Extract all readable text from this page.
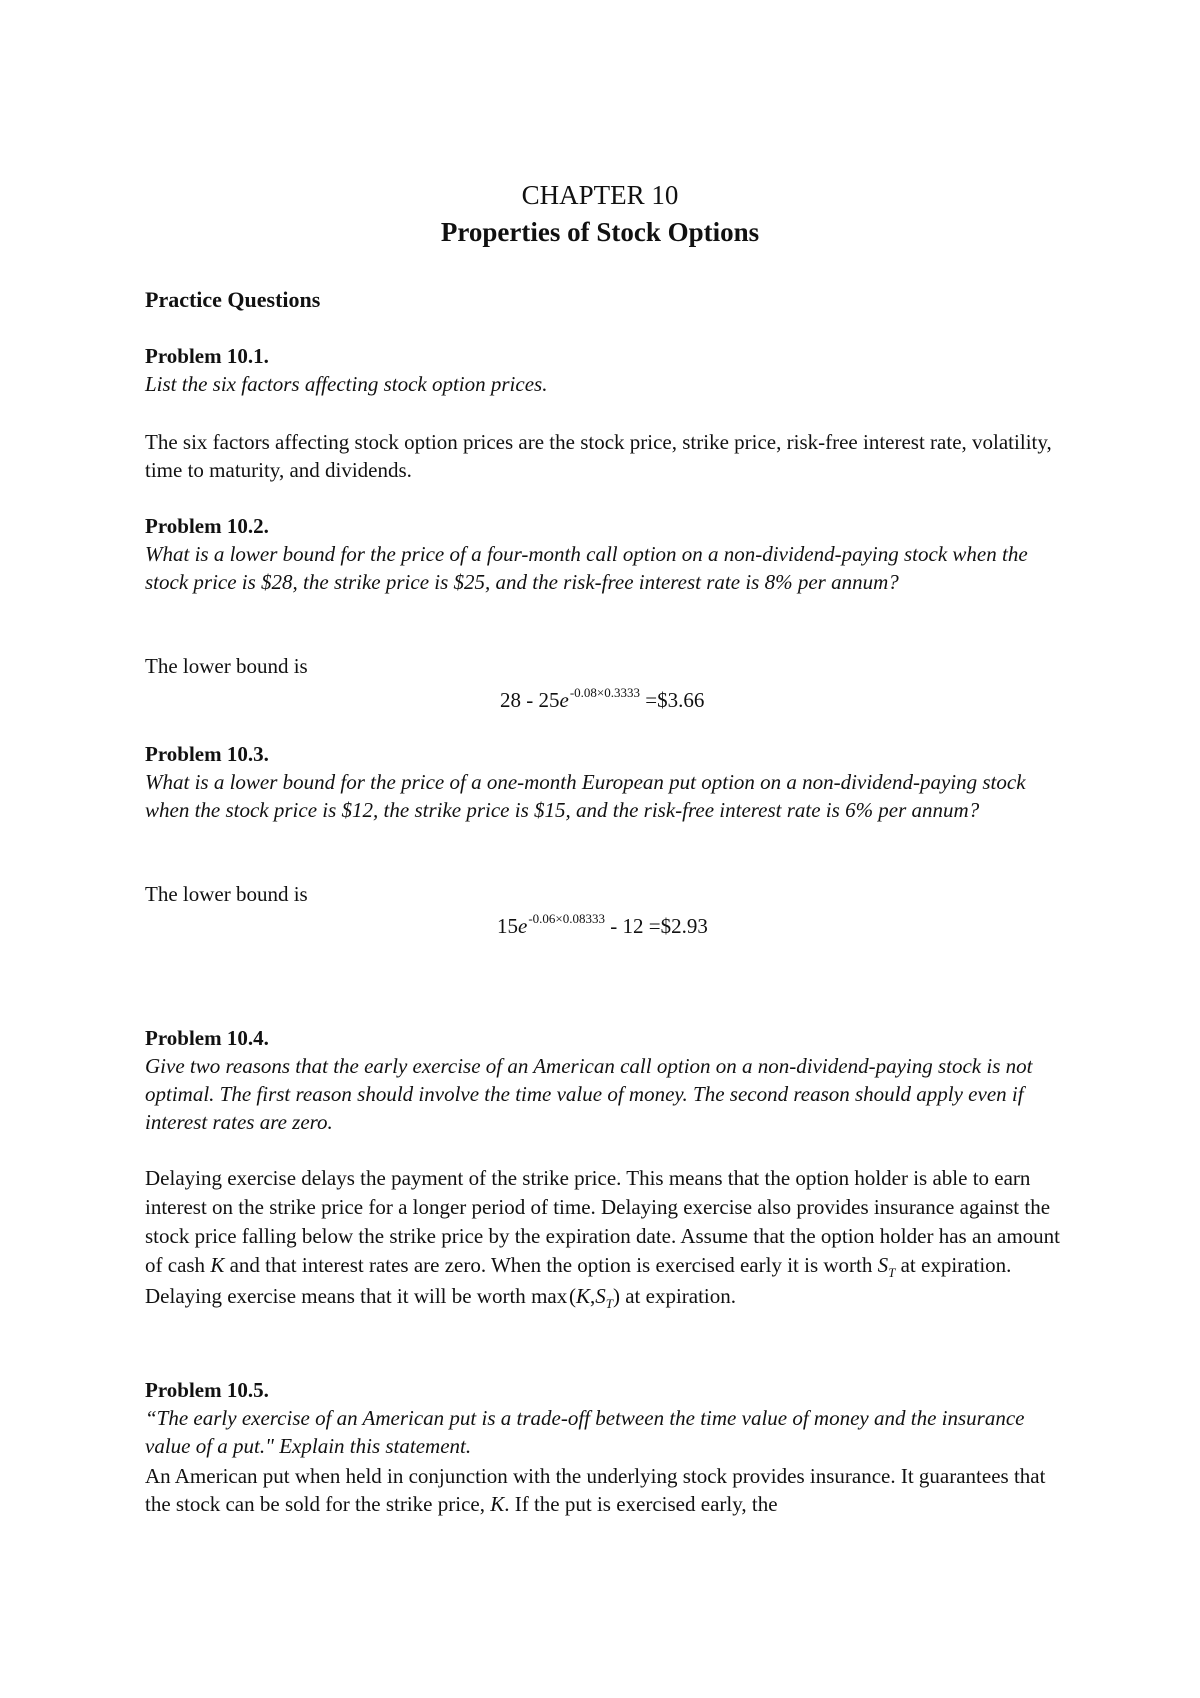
CHAPTER 10
Properties of Stock Options
Practice Questions
Problem 10.1.
List the six factors affecting stock option prices.
The six factors affecting stock option prices are the stock price, strike price, risk-free interest rate, volatility, time to maturity, and dividends.
Problem 10.2.
What is a lower bound for the price of a four-month call option on a non-dividend-paying stock when the stock price is $28, the strike price is $25, and the risk-free interest rate is 8% per annum?
The lower bound is
$28 - 25e^{-0.08\times 0.3333}$ =$3.66
Problem 10.3.
What is a lower bound for the price of a one-month European put option on a non-dividend-paying stock when the stock price is $12, the strike price is $15, and the risk-free interest rate is 6% per annum?
The lower bound is
$15e^{-0.06\times 0.08333} - 12$ =$2.93
Problem 10.4.
Give two reasons that the early exercise of an American call option on a non-dividend-paying stock is not optimal. The first reason should involve the time value of money. The second reason should apply even if interest rates are zero.
Delaying exercise delays the payment of the strike price. This means that the option holder is able to earn interest on the strike price for a longer period of time. Delaying exercise also provides insurance against the stock price falling below the strike price by the expiration date. Assume that the option holder has an amount of cash K and that interest rates are zero. When the option is exercised early it is worth $S_T$ at expiration. Delaying exercise means that it will be worth max $(K,S_T)$ at expiration.
Problem 10.5.
“The early exercise of an American put is a trade-off between the time value of money and the insurance value of a put." Explain this statement.
An American put when held in conjunction with the underlying stock provides insurance. It guarantees that the stock can be sold for the strike price, K. If the put is exercised early, the
